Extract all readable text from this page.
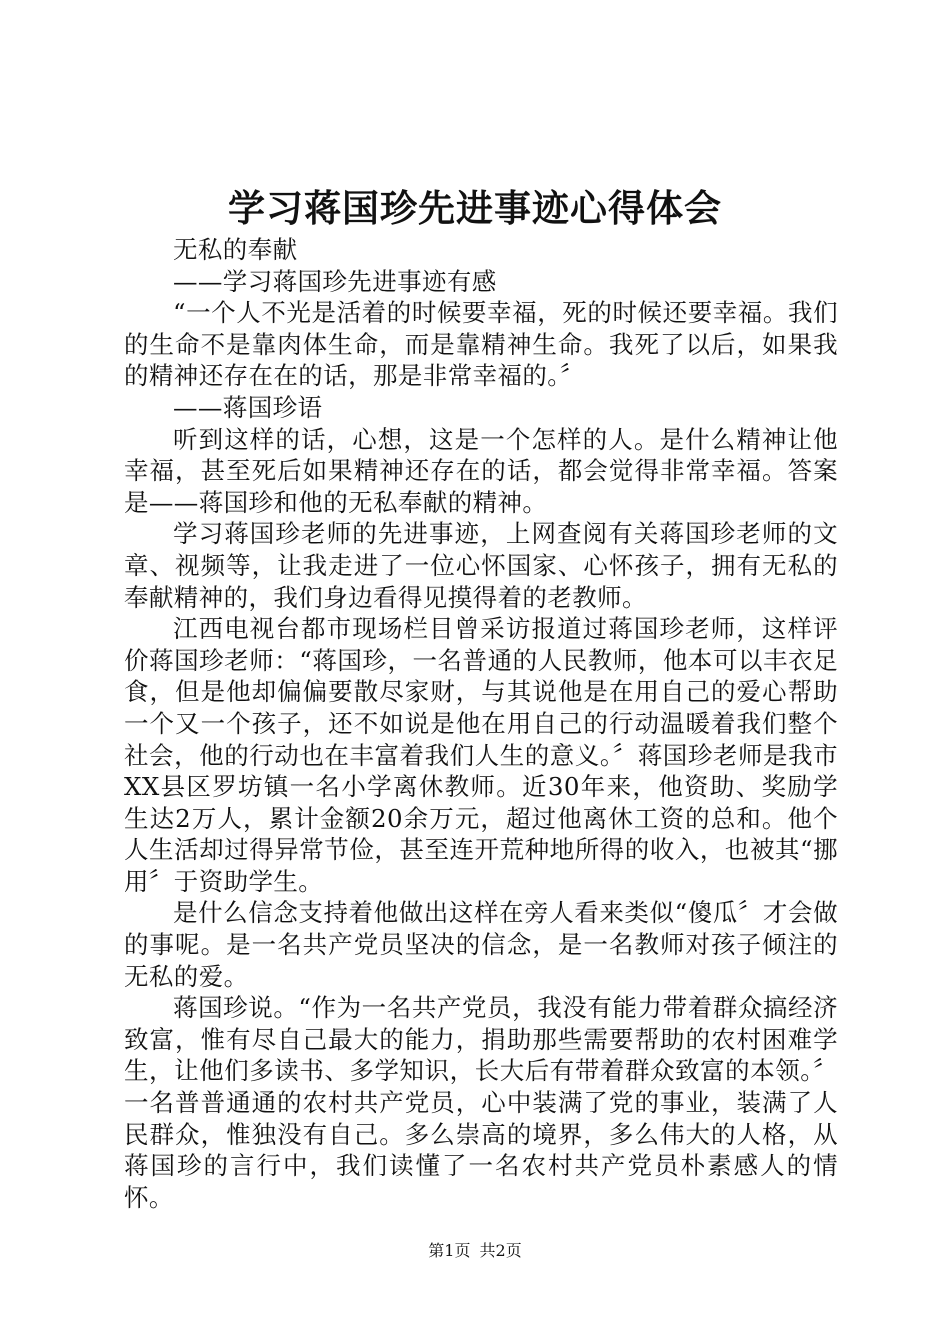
学习蒋国珍先进事迹心得体会

无私的奉献

——学习蒋国珍先进事迹有感

“一个人不光是活着的时候要幸福，死的时候还要幸福。我们的生命不是靠肉体生命，而是靠精神生命。我死了以后，如果我的精神还存在在的话，那是非常幸福的。〞

——蒋国珍语

听到这样的话，心想，这是一个怎样的人。是什么精神让他幸福，甚至死后如果精神还存在的话，都会觉得非常幸福。答案是——蒋国珍和他的无私奉献的精神。

学习蒋国珍老师的先进事迹，上网查阅有关蒋国珍老师的文章、视频等，让我走进了一位心怀国家、心怀孩子，拥有无私的奉献精神的，我们身边看得见摸得着的老教师。

江西电视台都市现场栏目曾采访报道过蒋国珍老师，这样评价蒋国珍老师：“蒋国珍，一名普通的人民教师，他本可以丰衣足食，但是他却偏偏要散尽家财，与其说他是在用自己的爱心帮助一个又一个孩子，还不如说是他在用自己的行动温暖着我们整个社会，他的行动也在丰富着我们人生的意义。〞蒋国珍老师是我市XX县区罗坊镇一名小学离休教师。近30年来，他资助、奖励学生达2万人，累计金额20余万元，超过他离休工资的总和。他个人生活却过得异常节俭，甚至连开荒种地所得的收入，也被其“挪用〞于资助学生。

是什么信念支持着他做出这样在旁人看来类似“傻瓜〞才会做的事呢。是一名共产党员坚决的信念，是一名教师对孩子倾注的无私的爱。

蒋国珍说。“作为一名共产党员，我没有能力带着群众搞经济致富，惟有尽自己最大的能力，捐助那些需要帮助的农村困难学生，让他们多读书、多学知识，长大后有带着群众致富的本领。〞一名普普通通的农村共产党员，心中装满了党的事业，装满了人民群众，惟独没有自己。多么崇高的境界，多么伟大的人格，从蒋国珍的言行中，我们读懂了一名农村共产党员朴素感人的情怀。

第1页 共2页
